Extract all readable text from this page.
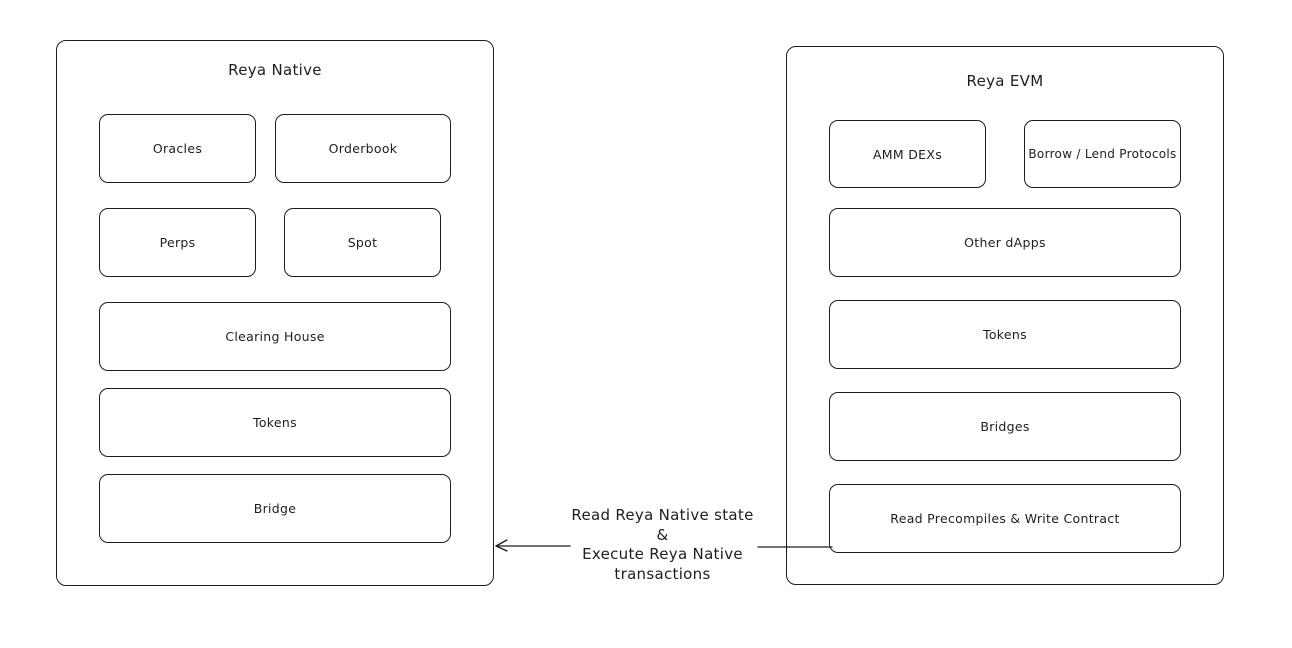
Reya Native
Oracles	Orderbook
Perps	Spot
Clearing House
Tokens
Bridge
Reya EVM
AMM DEXs	Borrow / Lend Protocols
Other dApps
Tokens
Bridges
Read Precompiles & Write Contract
Read Reya Native state
&
Execute Reya Native
transactions
